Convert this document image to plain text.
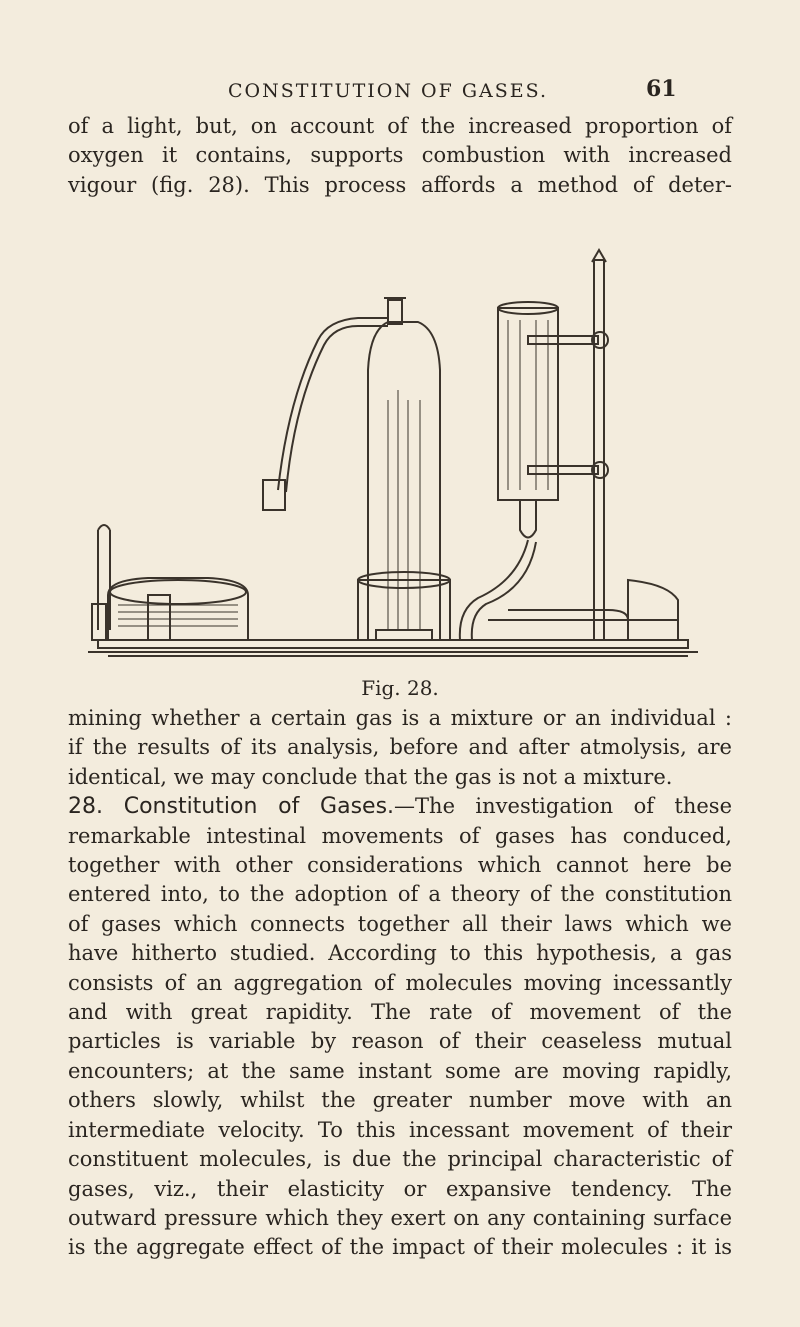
CONSTITUTION OF GASES.	61
of a light, but, on account of the increased proportion of
oxygen it contains, supports combustion with increased
vigour (fig. 28). This process affords a method of deter-
Fig. 28.
mining whether a certain gas is a mixture or an individual :
if the results of its analysis, before and after atmolysis, are
identical, we may conclude that the gas is not a mixture.
28. Constitution of Gases.—The investigation of these
remarkable intestinal movements of gases has conduced,
together with other considerations which cannot here be
entered into, to the adoption of a theory of the constitution
of gases which connects together all their laws which we
have hitherto studied. According to this hypothesis, a gas
consists of an aggregation of molecules moving incessantly
and with great rapidity. The rate of movement of the
particles is variable by reason of their ceaseless mutual
encounters; at the same instant some are moving rapidly,
others slowly, whilst the greater number move with an
intermediate velocity. To this incessant movement of their
constituent molecules, is due the principal characteristic of
gases, viz., their elasticity or expansive tendency. The
outward pressure which they exert on any containing surface
is the aggregate effect of the impact of their molecules : it is
